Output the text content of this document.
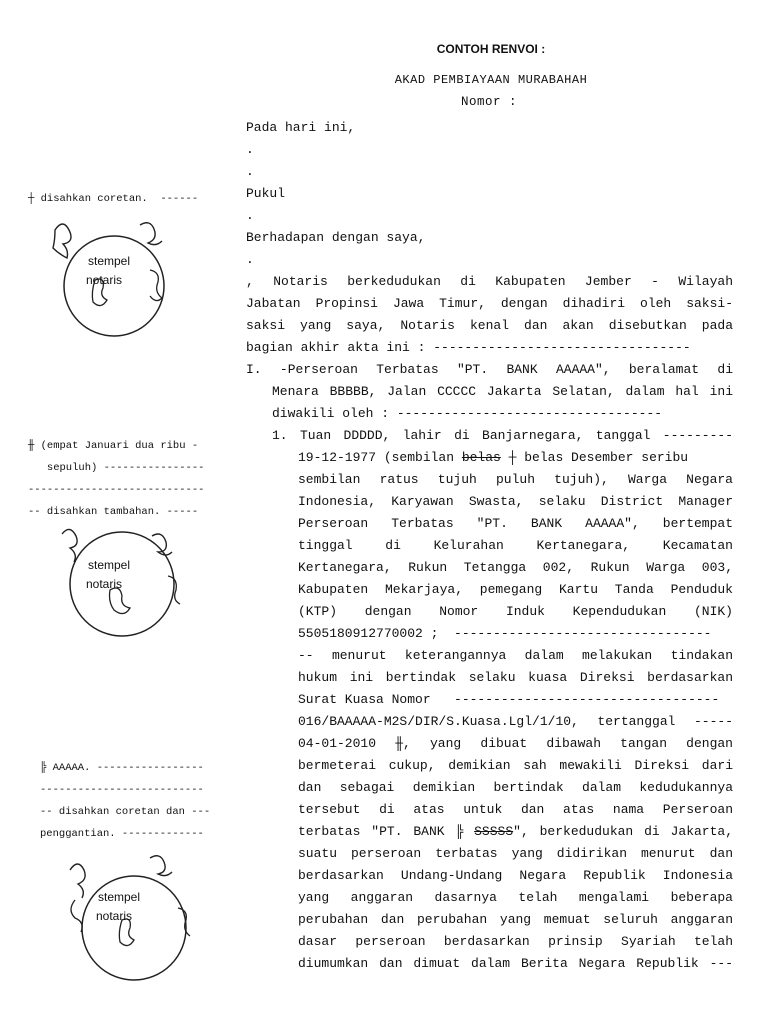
CONTOH RENVOI :
AKAD PEMBIAYAAN MURABAHAH
Nomor :
Pada hari ini,
.
.
Pukul
.
Berhadapan dengan saya,
.
, Notaris berkedudukan di Kabupaten Jember - Wilayah
Jabatan Propinsi Jawa Timur, dengan dihadiri oleh saksi-
saksi yang saya, Notaris kenal dan akan disebutkan pada
bagian akhir akta ini : ---------------------------------
I. -Perseroan Terbatas "PT. BANK AAAAA", beralamat di
Menara BBBBB, Jalan CCCCC Jakarta Selatan, dalam hal ini
diwakili oleh : ----------------------------------
1. Tuan DDDDD, lahir di Banjarnegara, tanggal ---------
19-12-1977 (sembilan belas ┼ belas Desember seribu
sembilan ratus tujuh puluh tujuh), Warga Negara
Indonesia, Karyawan Swasta, selaku District Manager
Perseroan Terbatas "PT. BANK AAAAA", bertempat
tinggal di Kelurahan Kertanegara, Kecamatan
Kertanegara, Rukun Tetangga 002, Rukun Warga 003,
Kabupaten Mekarjaya, pemegang Kartu Tanda Penduduk
(KTP) dengan Nomor Induk Kependudukan (NIK)
5505180912770002 ;  ---------------------------------
-- menurut keterangannya dalam melakukan tindakan
hukum ini bertindak selaku kuasa Direksi berdasarkan
Surat Kuasa Nomor   ----------------------------------
016/BAAAAA-M2S/DIR/S.Kuasa.Lgl/1/10, tertanggal -----
04-01-2010 ╫, yang dibuat dibawah tangan dengan
bermeterai cukup, demikian sah mewakili Direksi dari
dan sebagai demikian bertindak dalam kedudukannya
tersebut di atas untuk dan atas nama Perseroan
terbatas "PT. BANK ╠ SSSSS", berkedudukan di Jakarta,
suatu perseroan terbatas yang didirikan menurut dan
berdasarkan Undang-Undang Negara Republik Indonesia
yang anggaran dasarnya telah mengalami beberapa
perubahan dan perubahan yang memuat seluruh anggaran
dasar perseroan berdasarkan prinsip Syariah telah
diumumkan dan dimuat dalam Berita Negara Republik ---
┼ disahkan coretan.  ------
╫ (empat Januari dua ribu -
sepuluh) ----------------
----------------------------
-- disahkan tambahan. -----
╠ AAAAA. -----------------
--------------------------
-- disahkan coretan dan ---
penggantian. -------------
stempel
notaris
stempel
notaris
stempel
notaris
